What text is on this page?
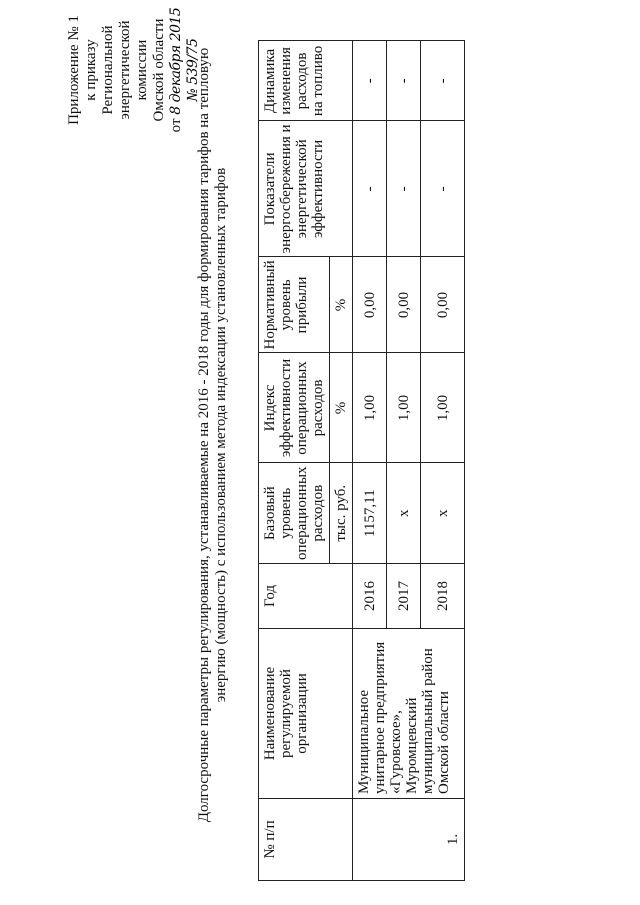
Приложение № 1 к приказу Региональной энергетической комиссии Омской области
от 8 декабря 2015 № 539/75
Долгосрочные параметры регулирования, устанавливаемые на 2016 - 2018 годы для формирования тарифов на тепловую энергию (мощность) с использованием метода индексации установленных тарифов
№ п/п	Наименование регулируемой организации	Год	Базовый уровень операционных расходов	Индекс эффективности операционных расходов	Нормативный уровень прибыли	Показатели энергосбережения и энергетической эффективности	Динамика изменения расходов на топливо
			тыс. руб.	%	%		
1.	Муниципальное унитарное предприятия «Гуровское», Муромцевский муниципальный район Омской области	2016	1157,11	1,00	0,00	-	-
		2017	х	1,00	0,00	-	-
		2018	х	1,00	0,00	-	-
